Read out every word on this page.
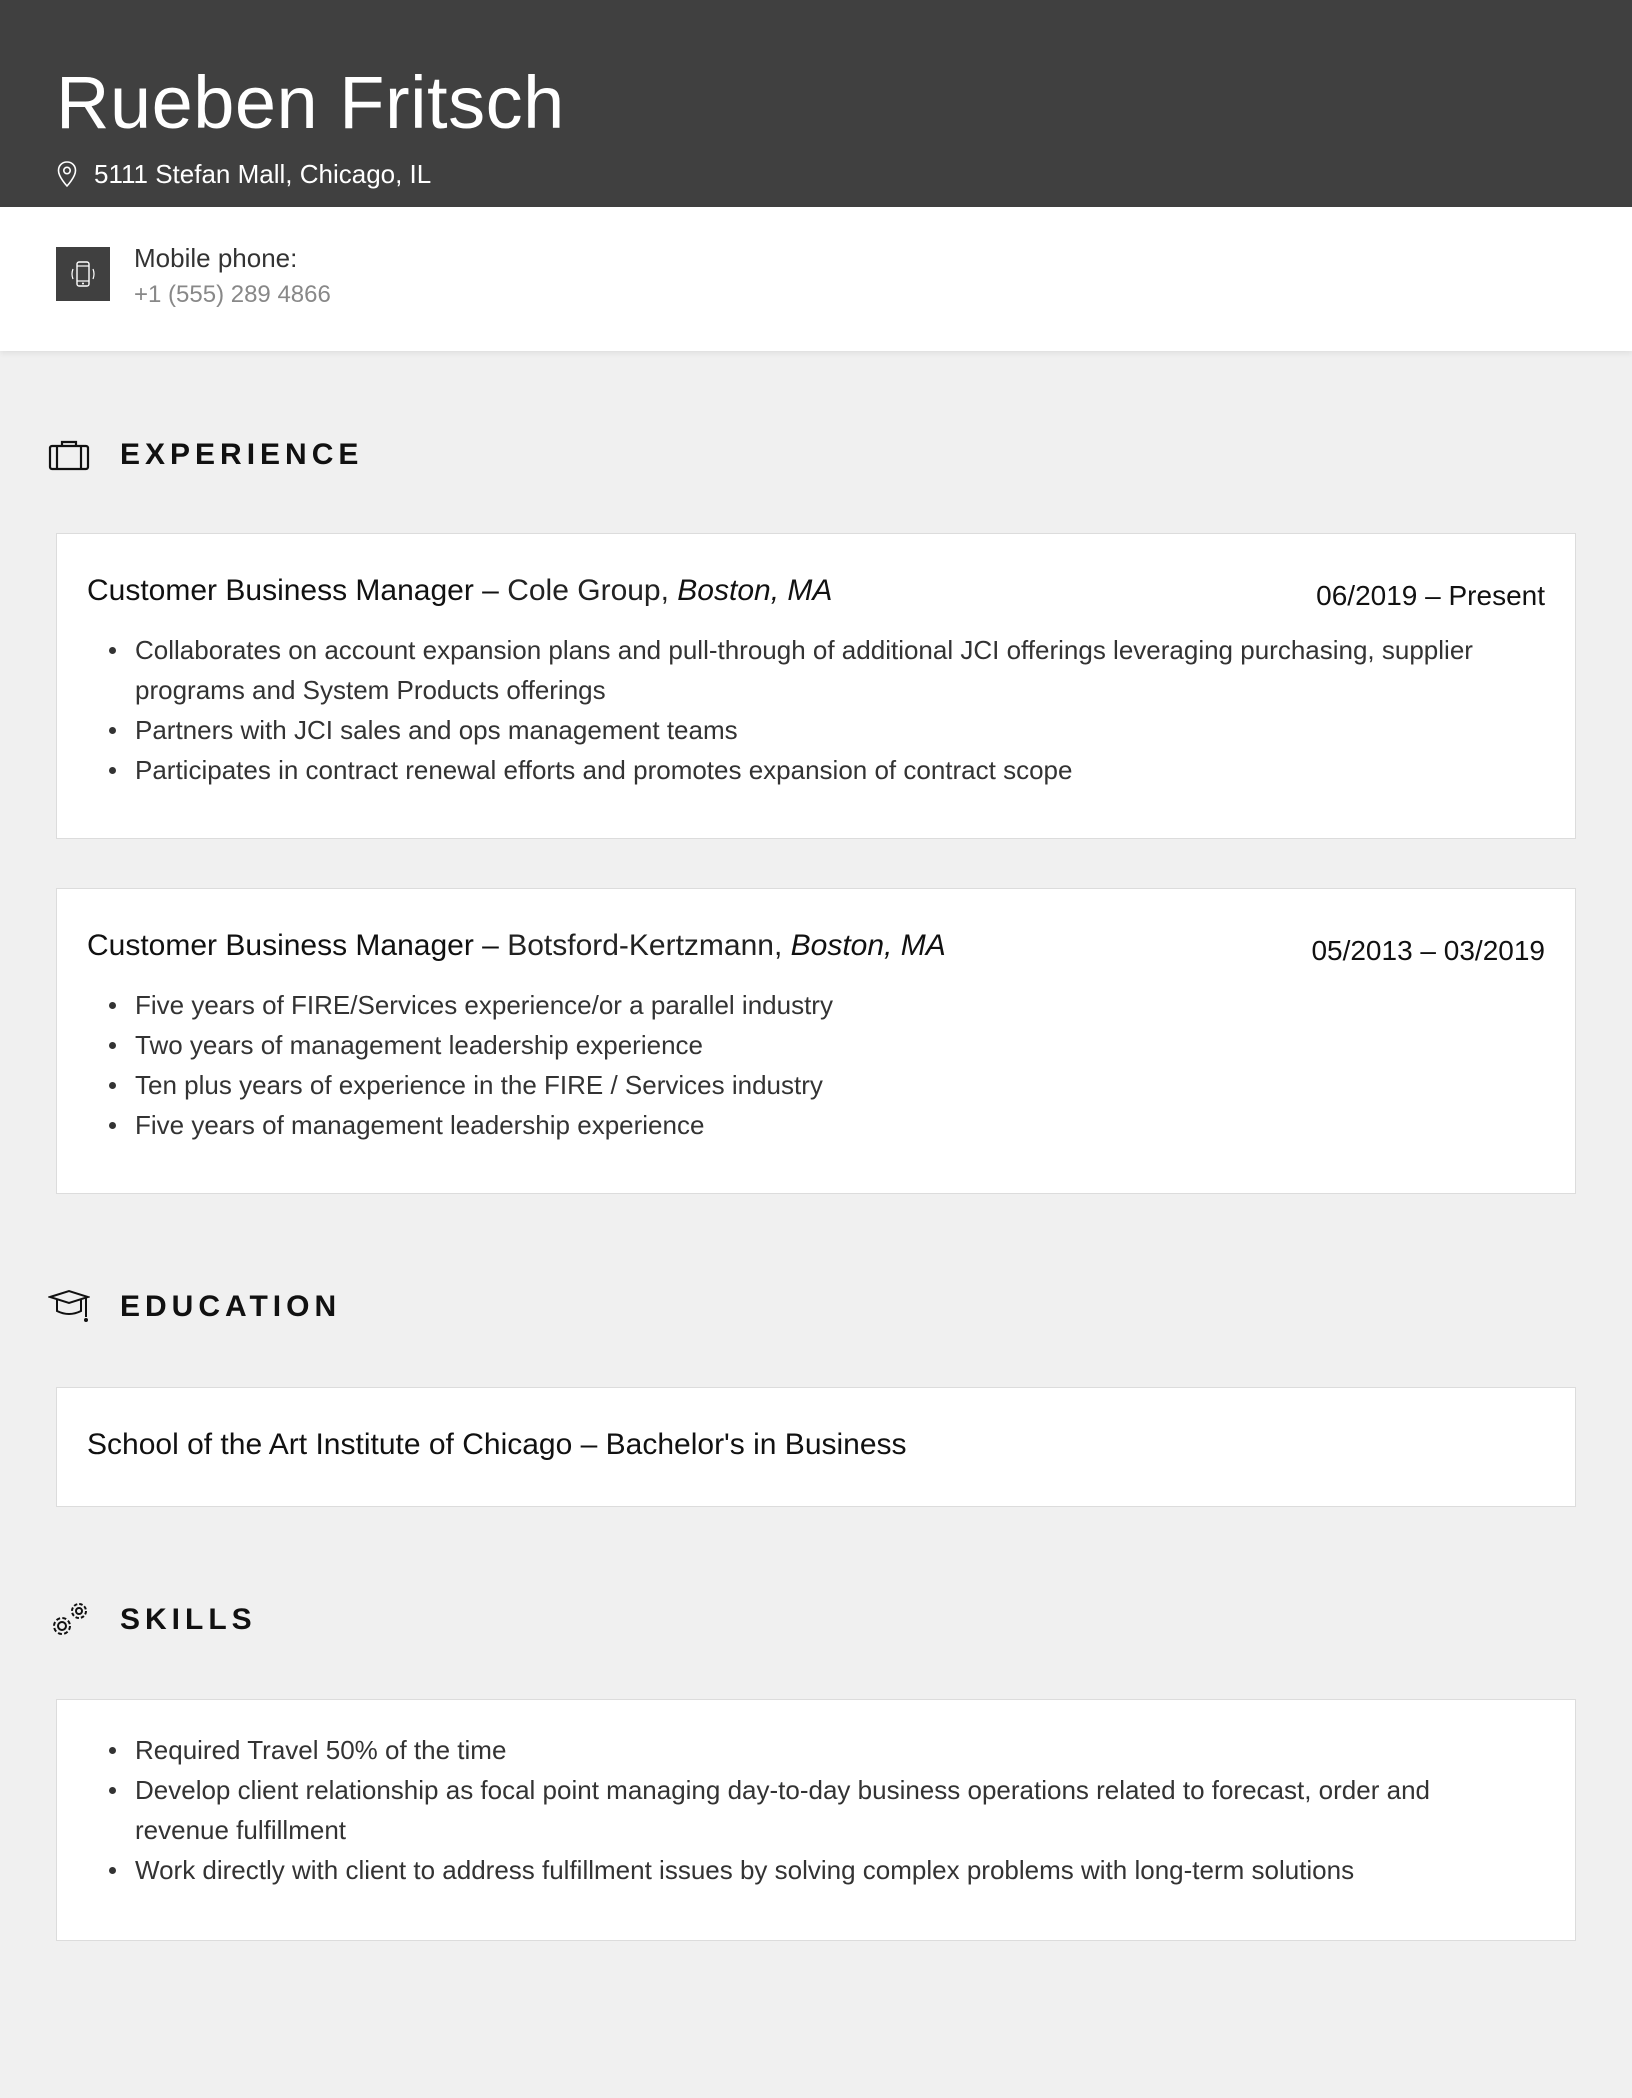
Rueben Fritsch
5111 Stefan Mall, Chicago, IL
Mobile phone:
+1 (555) 289 4866
EXPERIENCE
Customer Business Manager – Cole Group, Boston, MA	06/2019 – Present
Collaborates on account expansion plans and pull-through of additional JCI offerings leveraging purchasing, supplier programs and System Products offerings
Partners with JCI sales and ops management teams
Participates in contract renewal efforts and promotes expansion of contract scope
Customer Business Manager – Botsford-Kertzmann, Boston, MA	05/2013 – 03/2019
Five years of FIRE/Services experience/or a parallel industry
Two years of management leadership experience
Ten plus years of experience in the FIRE / Services industry
Five years of management leadership experience
EDUCATION
School of the Art Institute of Chicago – Bachelor's in Business
SKILLS
Required Travel 50% of the time
Develop client relationship as focal point managing day-to-day business operations related to forecast, order and revenue fulfillment
Work directly with client to address fulfillment issues by solving complex problems with long-term solutions
